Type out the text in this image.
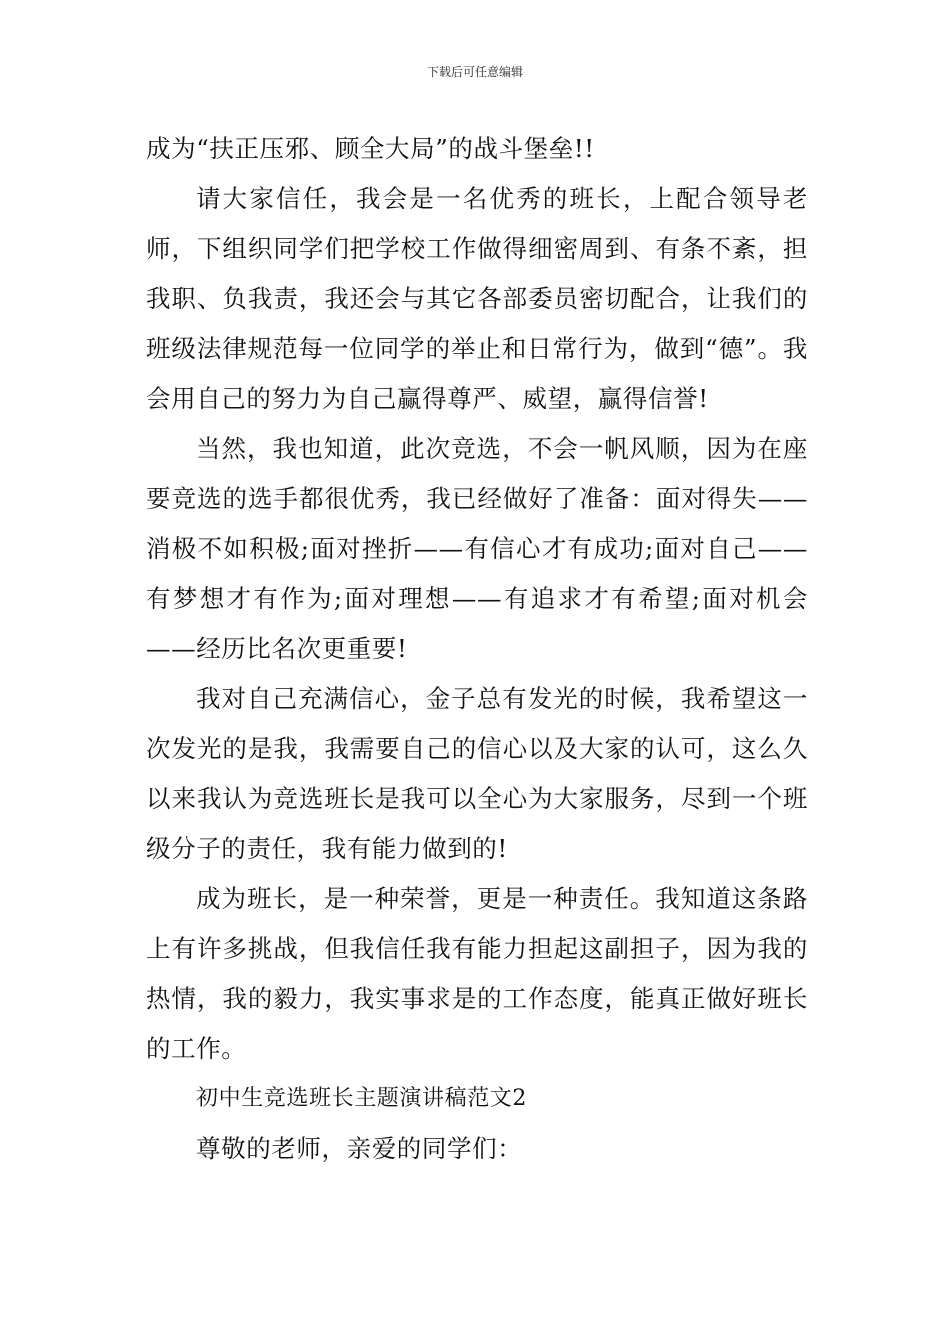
下载后可任意编辑

成为“扶正压邪、顾全大局”的战斗堡垒!!

请大家信任，我会是一名优秀的班长，上配合领导老师，下组织同学们把学校工作做得细密周到、有条不紊，担我职、负我责，我还会与其它各部委员密切配合，让我们的班级法律规范每一位同学的举止和日常行为，做到“德”。我会用自己的努力为自己赢得尊严、威望，赢得信誉!

当然，我也知道，此次竞选，不会一帆风顺，因为在座要竞选的选手都很优秀，我已经做好了准备：面对得失——消极不如积极;面对挫折——有信心才有成功;面对自己——有梦想才有作为;面对理想——有追求才有希望;面对机会——经历比名次更重要!

我对自己充满信心，金子总有发光的时候，我希望这一次发光的是我，我需要自己的信心以及大家的认可，这么久以来我认为竞选班长是我可以全心为大家服务，尽到一个班级分子的责任，我有能力做到的!

成为班长，是一种荣誉，更是一种责任。我知道这条路上有许多挑战，但我信任我有能力担起这副担子，因为我的热情，我的毅力，我实事求是的工作态度，能真正做好班长的工作。

初中生竞选班长主题演讲稿范文2

尊敬的老师，亲爱的同学们：
